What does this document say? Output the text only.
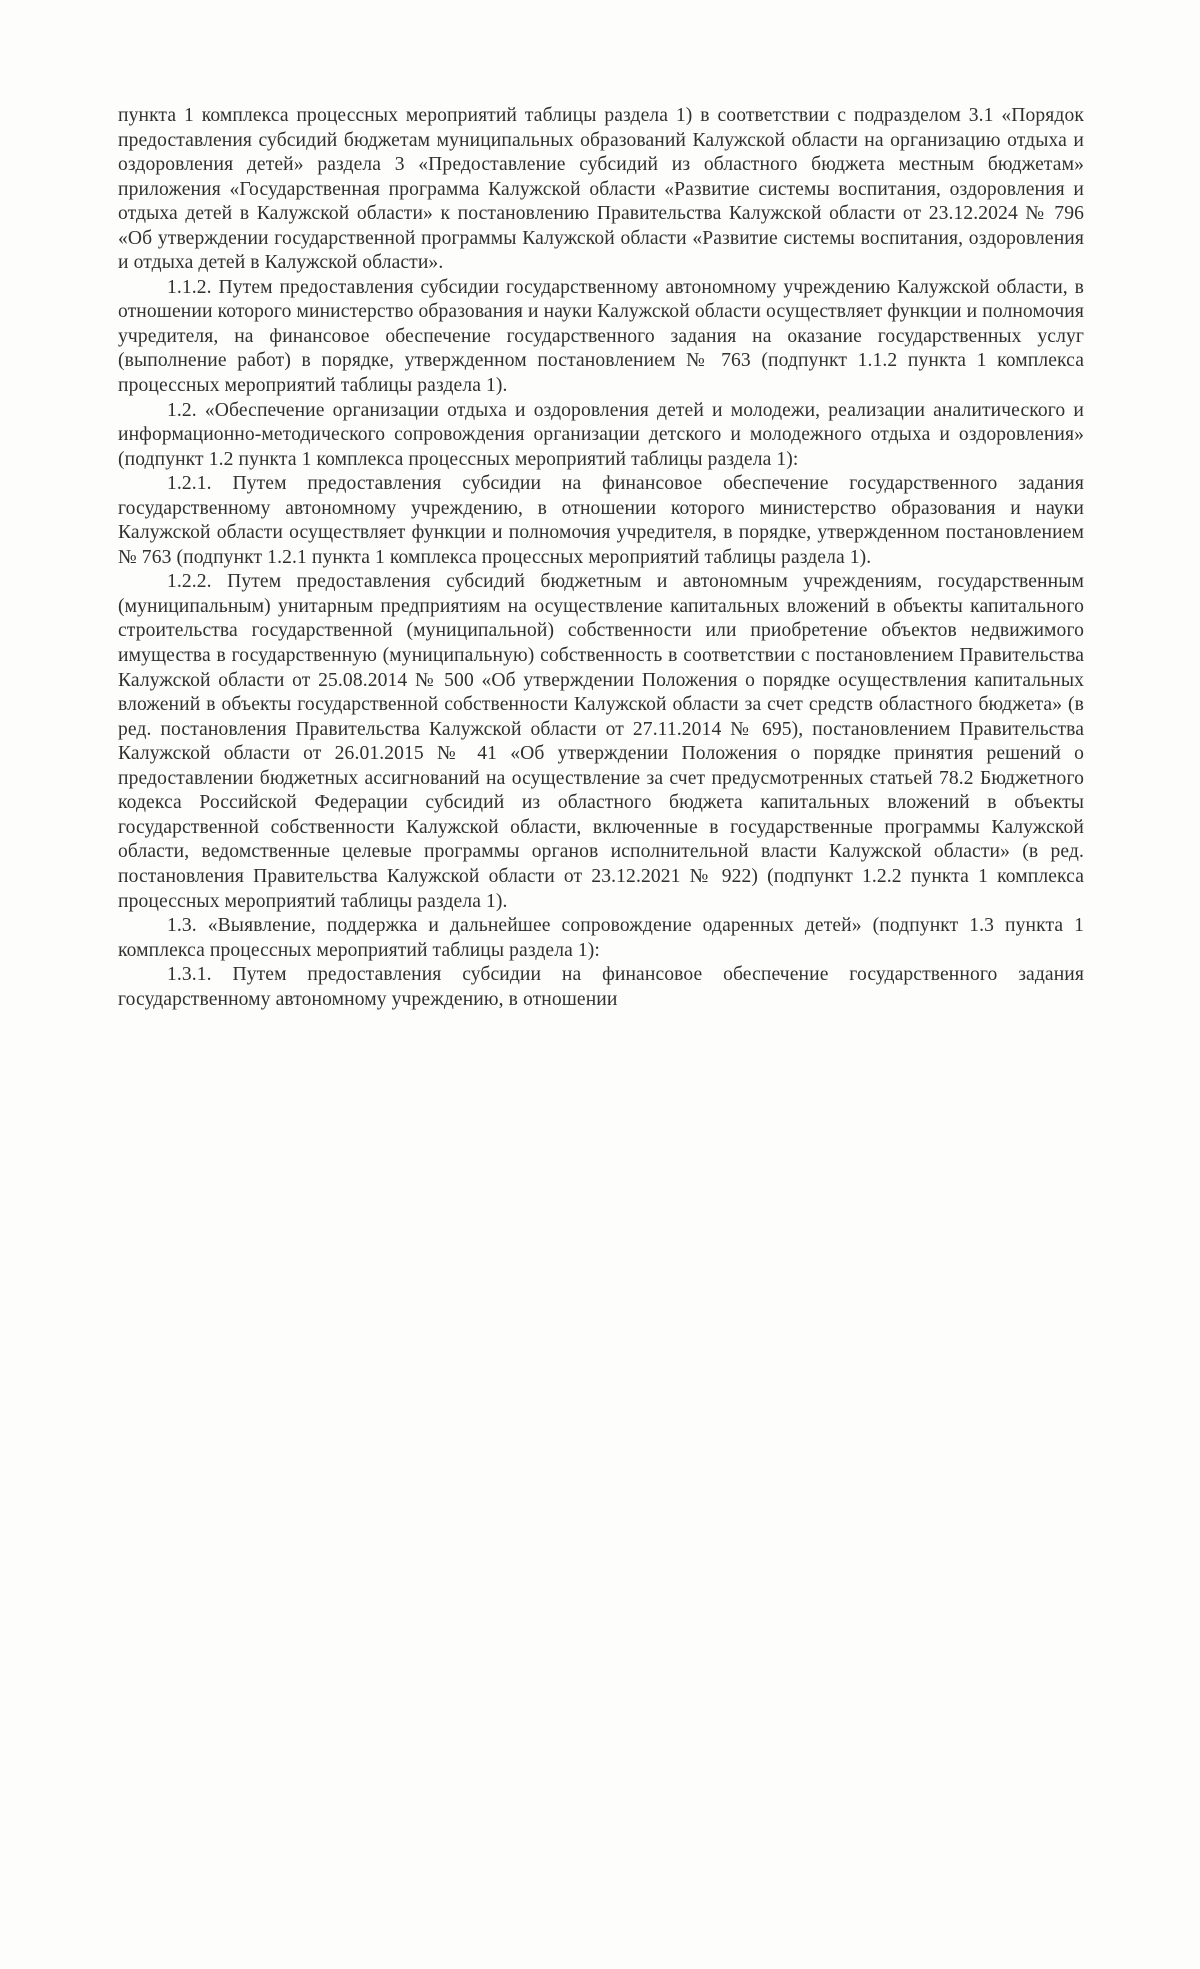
пункта 1 комплекса процессных мероприятий таблицы раздела 1) в соответствии с подразделом 3.1 «Порядок предоставления субсидий бюджетам муниципальных образований Калужской области на организацию отдыха и оздоровления детей» раздела 3 «Предоставление субсидий из областного бюджета местным бюджетам» приложения «Государственная программа Калужской области «Развитие системы воспитания, оздоровления и отдыха детей в Калужской области» к постановлению Правительства Калужской области от 23.12.2024 № 796 «Об утверждении государственной программы Калужской области «Развитие системы воспитания, оздоровления и отдыха детей в Калужской области».

1.1.2. Путем предоставления субсидии государственному автономному учреждению Калужской области, в отношении которого министерство образования и науки Калужской области осуществляет функции и полномочия учредителя, на финансовое обеспечение государственного задания на оказание государственных услуг (выполнение работ) в порядке, утвержденном постановлением № 763 (подпункт 1.1.2 пункта 1 комплекса процессных мероприятий таблицы раздела 1).

1.2. «Обеспечение организации отдыха и оздоровления детей и молодежи, реализации аналитического и информационно-методического сопровождения организации детского и молодежного отдыха и оздоровления» (подпункт 1.2 пункта 1 комплекса процессных мероприятий таблицы раздела 1):

1.2.1. Путем предоставления субсидии на финансовое обеспечение государственного задания государственному автономному учреждению, в отношении которого министерство образования и науки Калужской области осуществляет функции и полномочия учредителя, в порядке, утвержденном постановлением № 763 (подпункт 1.2.1 пункта 1 комплекса процессных мероприятий таблицы раздела 1).

1.2.2. Путем предоставления субсидий бюджетным и автономным учреждениям, государственным (муниципальным) унитарным предприятиям на осуществление капитальных вложений в объекты капитального строительства государственной (муниципальной) собственности или приобретение объектов недвижимого имущества в государственную (муниципальную) собственность в соответствии с постановлением Правительства Калужской области от 25.08.2014 № 500 «Об утверждении Положения о порядке осуществления капитальных вложений в объекты государственной собственности Калужской области за счет средств областного бюджета» (в ред. постановления Правительства Калужской области от 27.11.2014 № 695), постановлением Правительства Калужской области от 26.01.2015 № 41 «Об утверждении Положения о порядке принятия решений о предоставлении бюджетных ассигнований на осуществление за счет предусмотренных статьей 78.2 Бюджетного кодекса Российской Федерации субсидий из областного бюджета капитальных вложений в объекты государственной собственности Калужской области, включенные в государственные программы Калужской области, ведомственные целевые программы органов исполнительной власти Калужской области» (в ред. постановления Правительства Калужской области от 23.12.2021 № 922) (подпункт 1.2.2 пункта 1 комплекса процессных мероприятий таблицы раздела 1).

1.3. «Выявление, поддержка и дальнейшее сопровождение одаренных детей» (подпункт 1.3 пункта 1 комплекса процессных мероприятий таблицы раздела 1):

1.3.1. Путем предоставления субсидии на финансовое обеспечение государственного задания государственному автономному учреждению, в отношении
